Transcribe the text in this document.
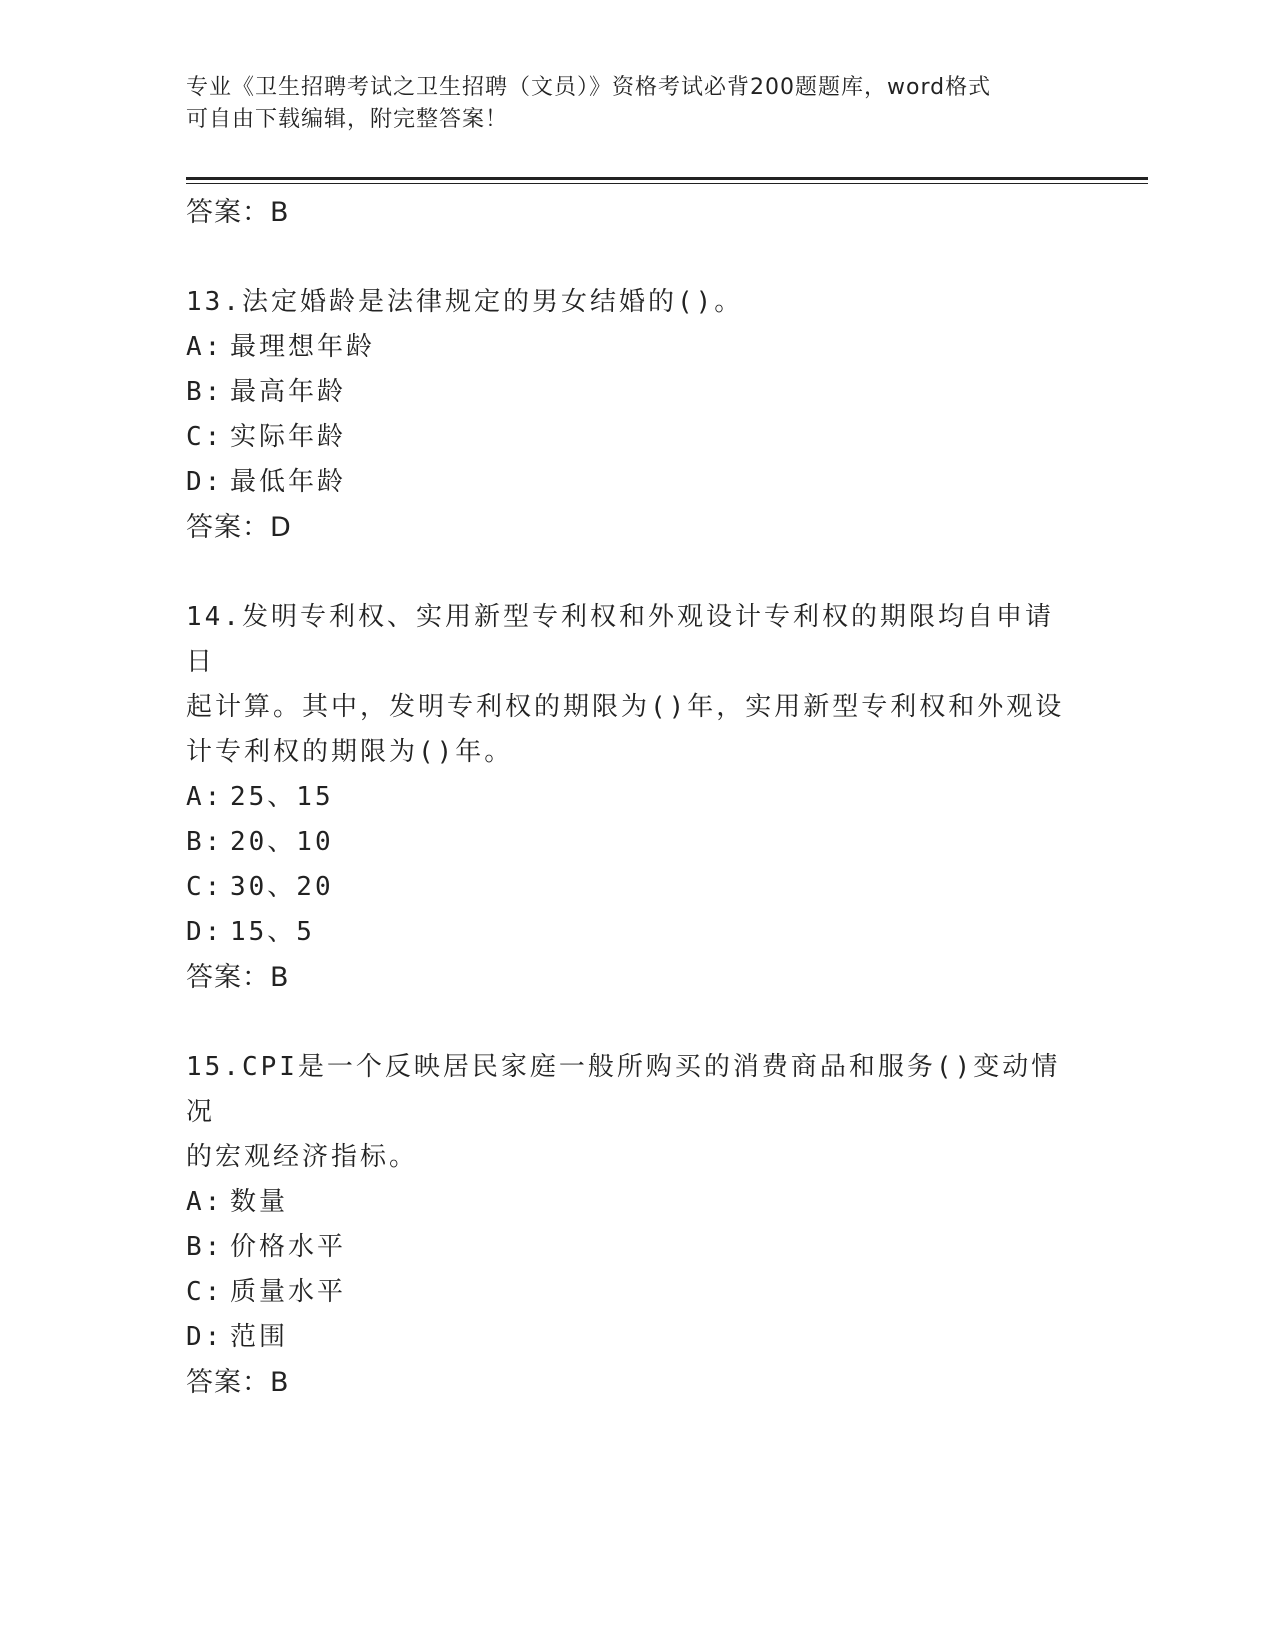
专业《卫生招聘考试之卫生招聘（文员）》资格考试必背200题题库，word格式
可自由下载编辑，附完整答案！
答案：B
13.法定婚龄是法律规定的男女结婚的()。
A: 最理想年龄
B: 最高年龄
C: 实际年龄
D: 最低年龄
答案：D
14.发明专利权、实用新型专利权和外观设计专利权的期限均自申请日
起计算。其中，发明专利权的期限为()年，实用新型专利权和外观设
计专利权的期限为()年。
A: 25、15
B: 20、10
C: 30、20
D: 15、5
答案：B
15.CPI是一个反映居民家庭一般所购买的消费商品和服务()变动情况
的宏观经济指标。
A: 数量
B: 价格水平
C: 质量水平
D: 范围
答案：B
